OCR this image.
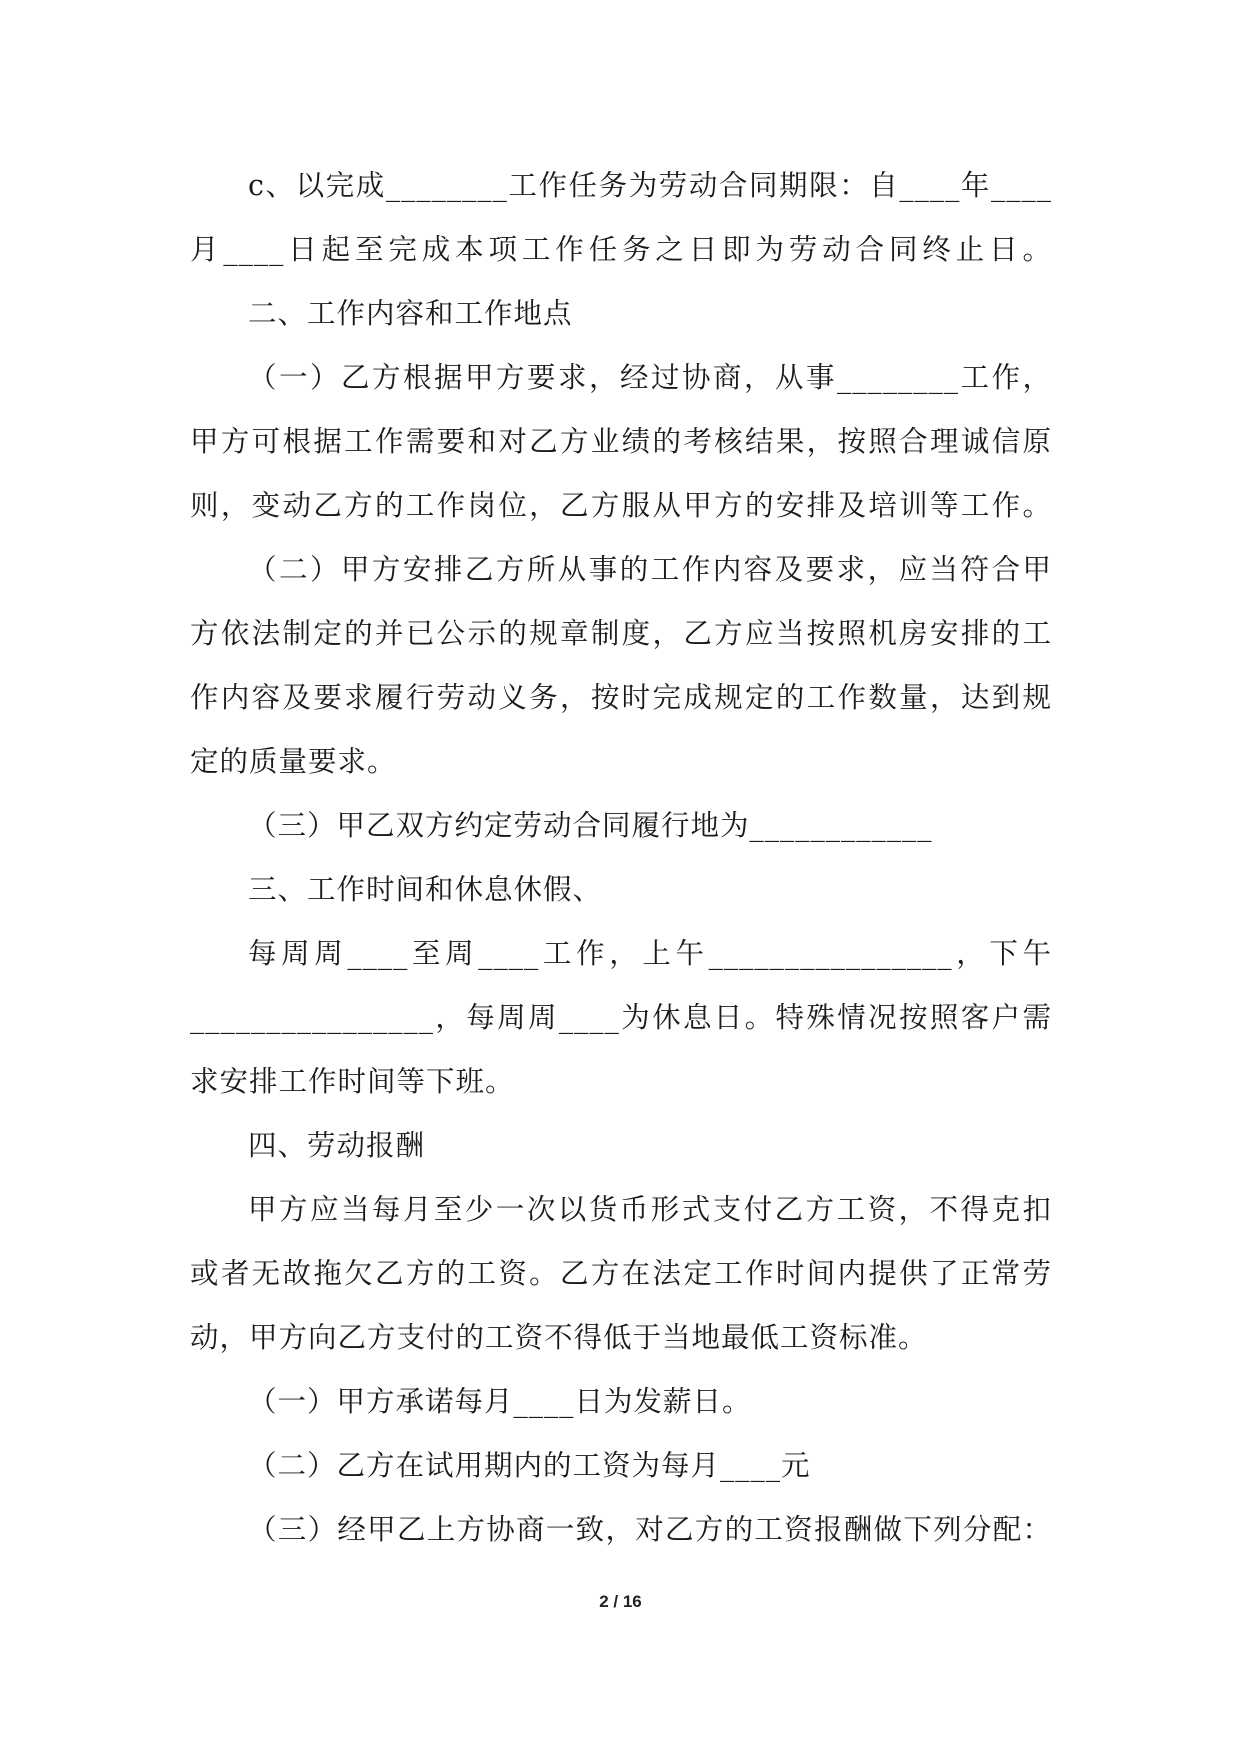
c、以完成________工作任务为劳动合同期限：自____年____
月____日起至完成本项工作任务之日即为劳动合同终止日。
二、工作内容和工作地点
（一）乙方根据甲方要求，经过协商，从事________工作，
甲方可根据工作需要和对乙方业绩的考核结果，按照合理诚信原
则，变动乙方的工作岗位，乙方服从甲方的安排及培训等工作。
（二）甲方安排乙方所从事的工作内容及要求，应当符合甲
方依法制定的并已公示的规章制度，乙方应当按照机房安排的工
作内容及要求履行劳动义务，按时完成规定的工作数量，达到规
定的质量要求。
（三）甲乙双方约定劳动合同履行地为____________
三、工作时间和休息休假、
每周周____至周____工作，上午________________，下午
________________，每周周____为休息日。特殊情况按照客户需
求安排工作时间等下班。
四、劳动报酬
甲方应当每月至少一次以货币形式支付乙方工资，不得克扣
或者无故拖欠乙方的工资。乙方在法定工作时间内提供了正常劳
动，甲方向乙方支付的工资不得低于当地最低工资标准。
（一）甲方承诺每月____日为发薪日。
（二）乙方在试用期内的工资为每月____元
（三）经甲乙上方协商一致，对乙方的工资报酬做下列分配：
2 / 16
